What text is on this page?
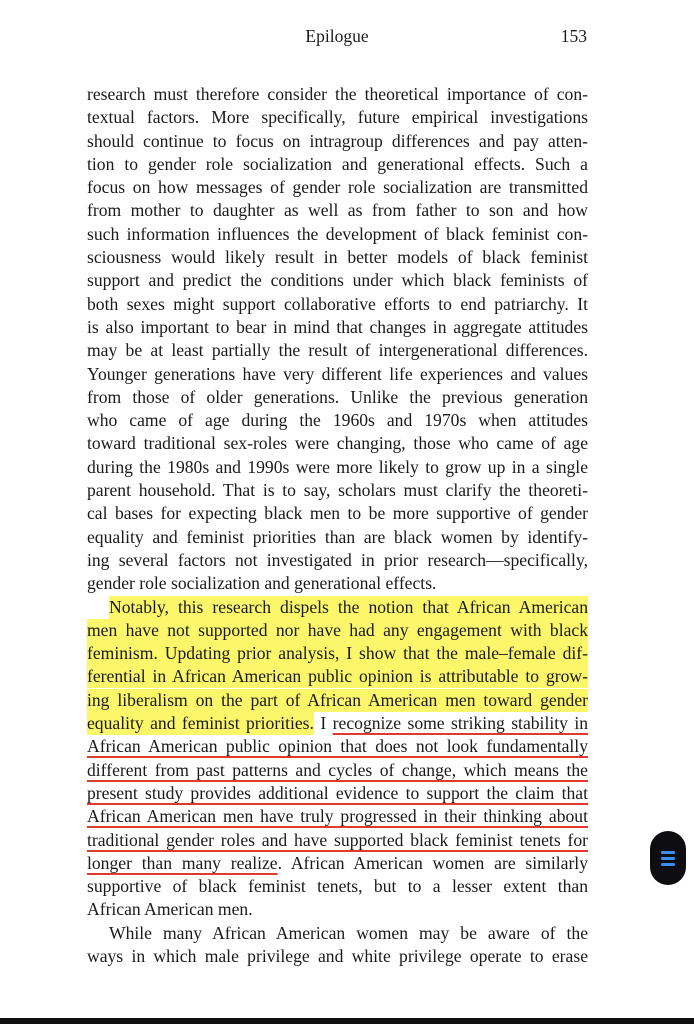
Epilogue	153
research must therefore consider the theoretical importance of con-
textual factors. More specifically, future empirical investigations
should continue to focus on intragroup differences and pay atten-
tion to gender role socialization and generational effects. Such a
focus on how messages of gender role socialization are transmitted
from mother to daughter as well as from father to son and how
such information influences the development of black feminist con-
sciousness would likely result in better models of black feminist
support and predict the conditions under which black feminists of
both sexes might support collaborative efforts to end patriarchy. It
is also important to bear in mind that changes in aggregate attitudes
may be at least partially the result of intergenerational differences.
Younger generations have very different life experiences and values
from those of older generations. Unlike the previous generation
who came of age during the 1960s and 1970s when attitudes
toward traditional sex-roles were changing, those who came of age
during the 1980s and 1990s were more likely to grow up in a single
parent household. That is to say, scholars must clarify the theoreti-
cal bases for expecting black men to be more supportive of gender
equality and feminist priorities than are black women by identify-
ing several factors not investigated in prior research—specifically,
gender role socialization and generational effects.
Notably, this research dispels the notion that African American
men have not supported nor have had any engagement with black
feminism. Updating prior analysis, I show that the male–female dif-
ferential in African American public opinion is attributable to grow-
ing liberalism on the part of African American men toward gender
equality and feminist priorities. I recognize some striking stability in
African American public opinion that does not look fundamentally
different from past patterns and cycles of change, which means the
present study provides additional evidence to support the claim that
African American men have truly progressed in their thinking about
traditional gender roles and have supported black feminist tenets for
longer than many realize. African American women are similarly
supportive of black feminist tenets, but to a lesser extent than
African American men.
While many African American women may be aware of the
ways in which male privilege and white privilege operate to erase
